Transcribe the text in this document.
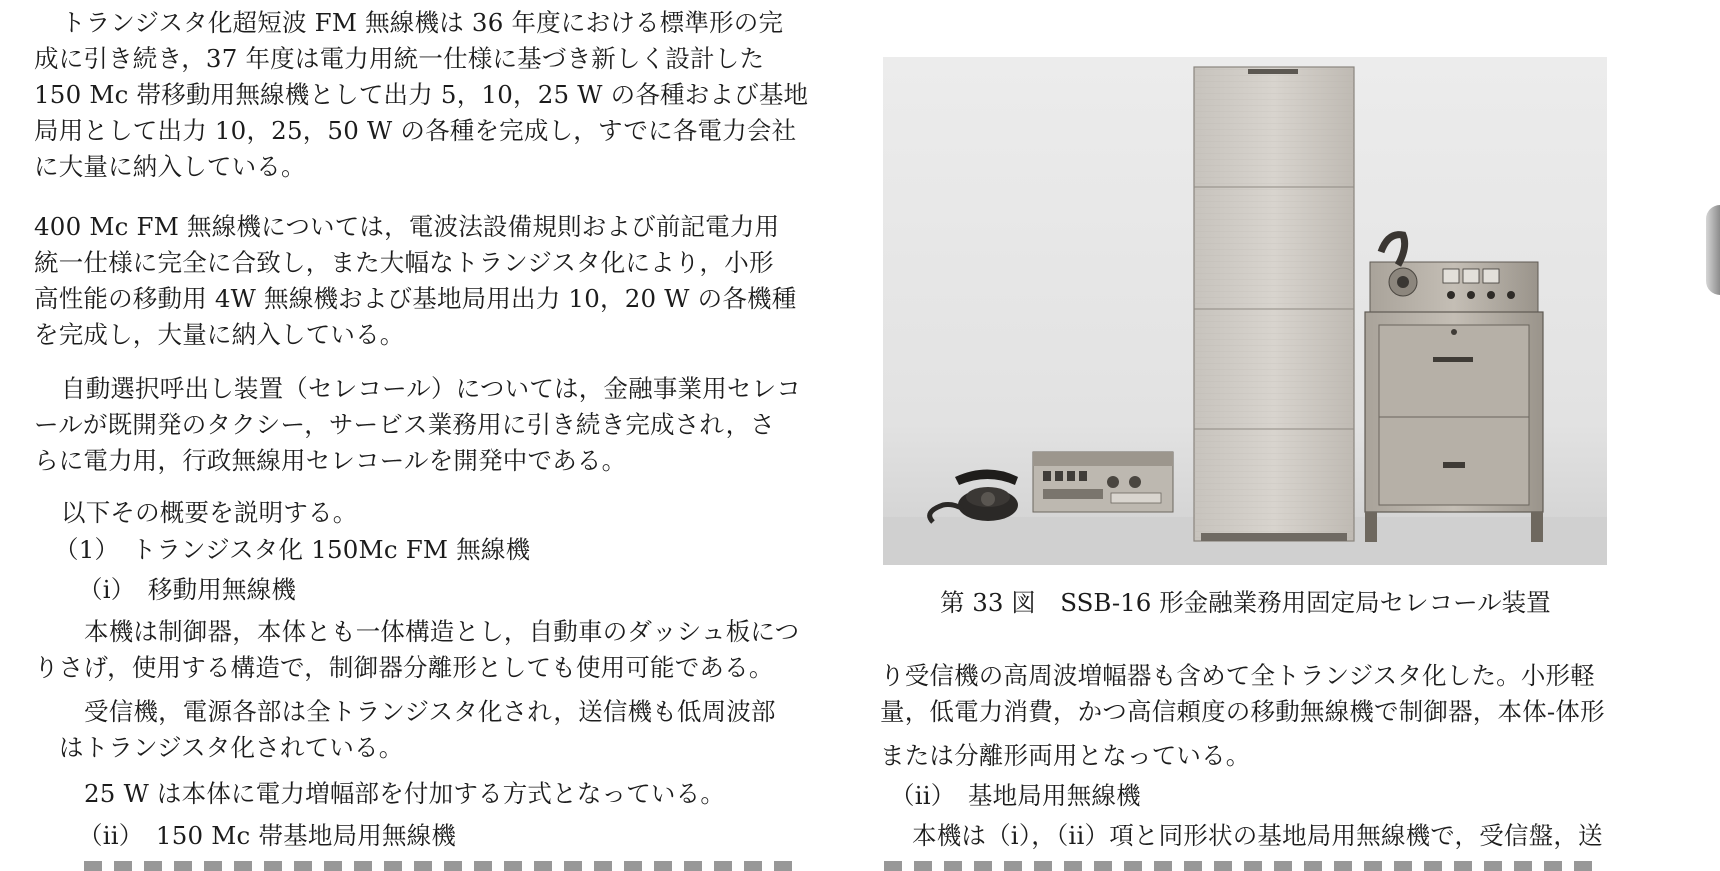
トランジスタ化超短波 FM 無線機は 36 年度における標準形の完
成に引き続き，37 年度は電力用統一仕様に基づき新しく設計した
150 Mc 帯移動用無線機として出力 5，10，25 W の各種および基地
局用として出力 10，25，50 W の各種を完成し，すでに各電力会社
に大量に納入している。
400 Mc FM 無線機については，電波法設備規則および前記電力用
統一仕様に完全に合致し，また大幅なトランジスタ化により，小形
高性能の移動用 4W 無線機および基地局用出力 10，20 W の各機種
を完成し，大量に納入している。
自動選択呼出し装置（セレコール）については，金融事業用セレコ
ールが既開発のタクシー，サービス業務用に引き続き完成され，さ
らに電力用，行政無線用セレコールを開発中である。
以下その概要を説明する。
（1）　トランジスタ化 150Mc FM 無線機
（i）　移動用無線機
本機は制御器，本体とも一体構造とし，自動車のダッシュ板につ
りさげ，使用する構造で，制御器分離形としても使用可能である。
受信機，電源各部は全トランジスタ化され，送信機も低周波部
はトランジスタ化されている。
25 W は本体に電力増幅部を付加する方式となっている。
（ii）　150 Mc 帯基地局用無線機
第 33 図　SSB-16 形金融業務用固定局セレコール装置
り受信機の高周波増幅器も含めて全トランジスタ化した。小形軽
量，低電力消費，かつ高信頼度の移動無線機で制御器，本体-体形
または分離形両用となっている。
（ii）　基地局用無線機
本機は（i），（ii）項と同形状の基地局用無線機で，受信盤，送
